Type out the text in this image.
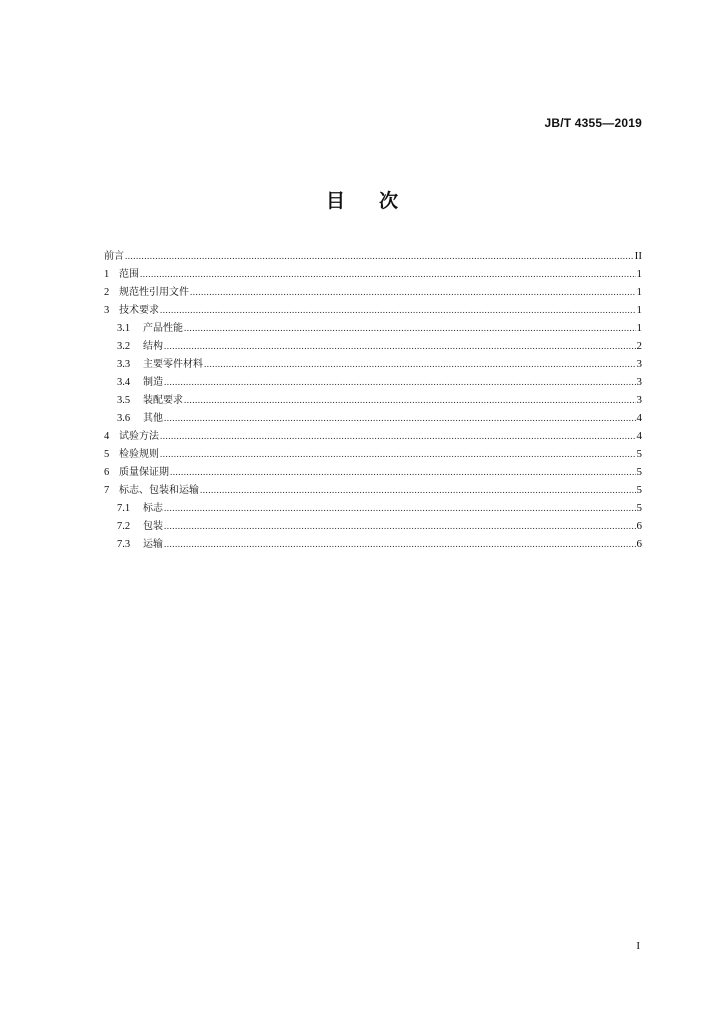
JB/T 4355—2019
目 次
前言 .....	II
1 范围 .....	1
2 规范性引用文件 .....	1
3 技术要求 .....	1
3.1	产品性能 .....	1
3.2	结构 .....	2
3.3	主要零件材料 .....	3
3.4	制造 .....	3
3.5	装配要求 .....	3
3.6	其他 .....	4
4 试验方法 .....	4
5 检验规则 .....	5
6 质量保证期 .....	5
7 标志、包装和运输 .....	5
7.1	标志 .....	5
7.2	包装 .....	6
7.3	运输 .....	6
I
